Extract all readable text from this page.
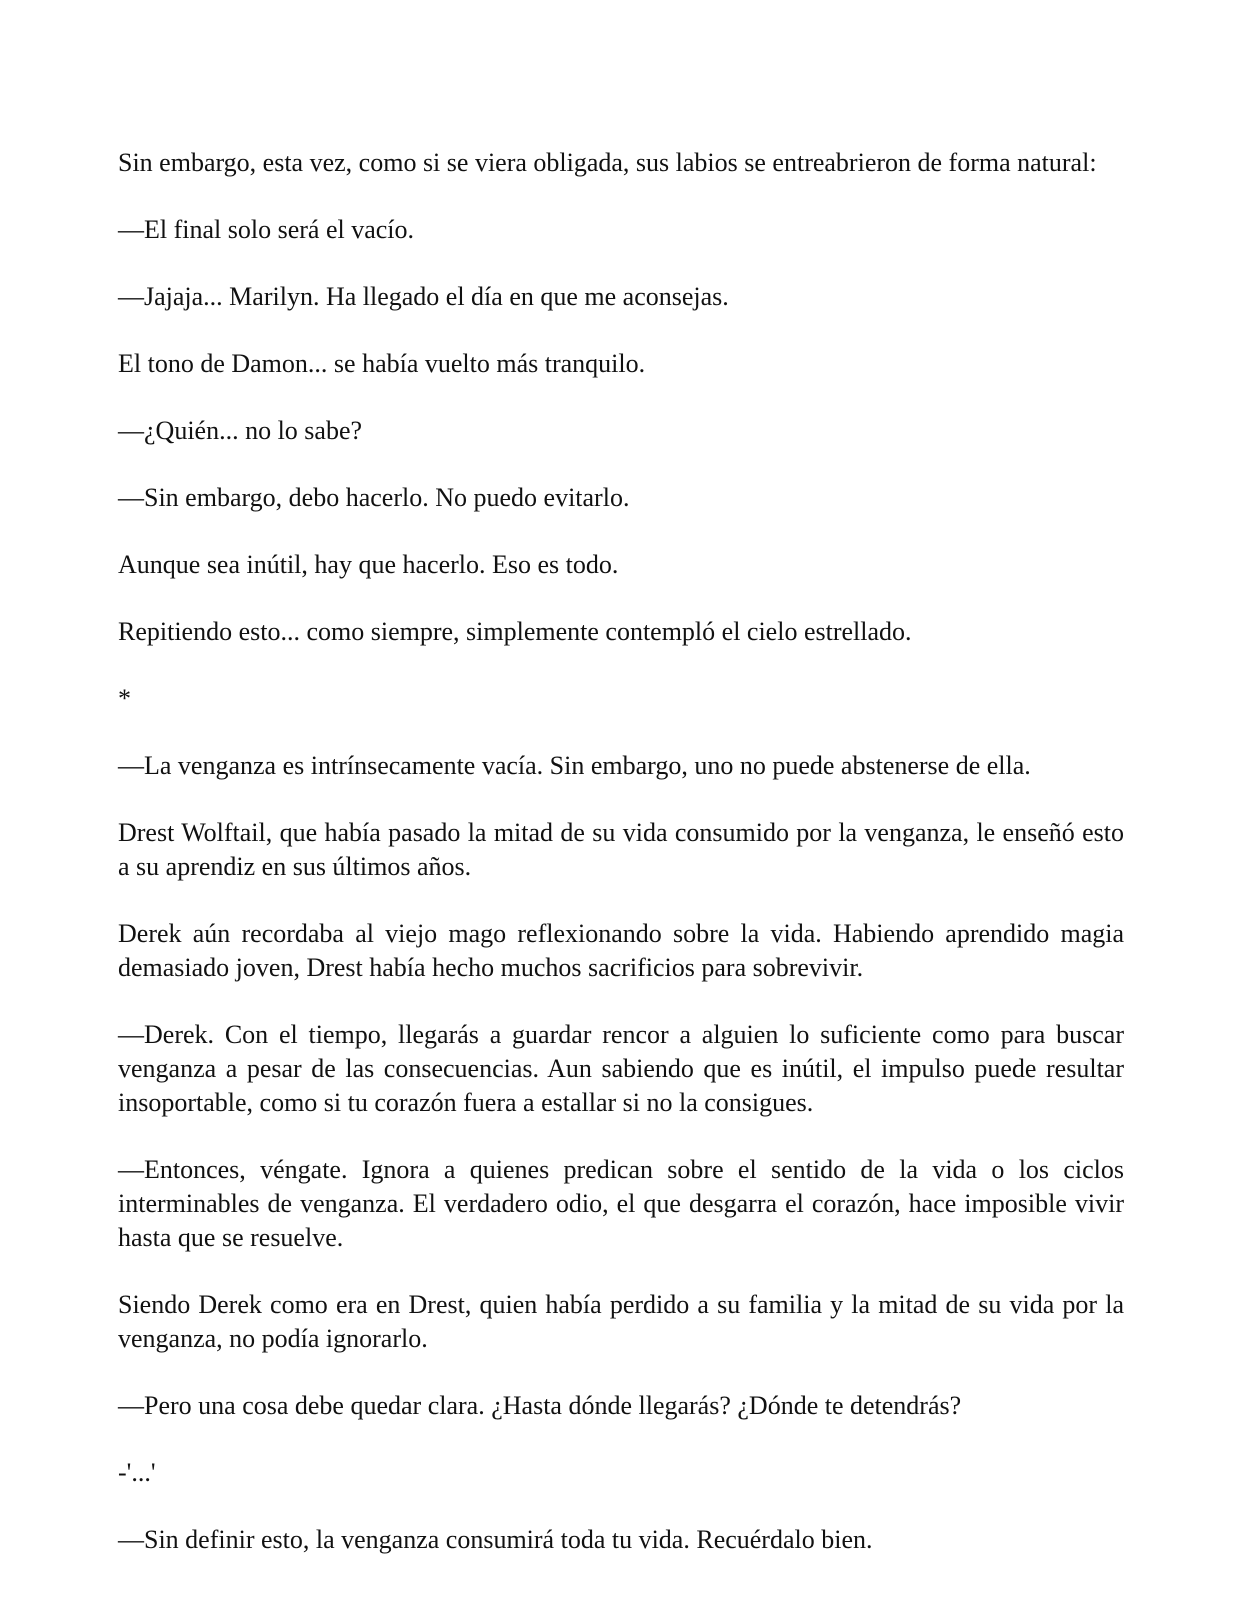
Sin embargo, esta vez, como si se viera obligada, sus labios se entreabrieron de forma natural:

—El final solo será el vacío.

—Jajaja... Marilyn. Ha llegado el día en que me aconsejas.

El tono de Damon... se había vuelto más tranquilo.

—¿Quién... no lo sabe?

—Sin embargo, debo hacerlo. No puedo evitarlo.

Aunque sea inútil, hay que hacerlo. Eso es todo.

Repitiendo esto... como siempre, simplemente contempló el cielo estrellado.

*

—La venganza es intrínsecamente vacía. Sin embargo, uno no puede abstenerse de ella.

Drest Wolftail, que había pasado la mitad de su vida consumido por la venganza, le enseñó esto a su aprendiz en sus últimos años.

Derek aún recordaba al viejo mago reflexionando sobre la vida. Habiendo aprendido magia demasiado joven, Drest había hecho muchos sacrificios para sobrevivir.

—Derek. Con el tiempo, llegarás a guardar rencor a alguien lo suficiente como para buscar venganza a pesar de las consecuencias. Aun sabiendo que es inútil, el impulso puede resultar insoportable, como si tu corazón fuera a estallar si no la consigues.

—Entonces, véngate. Ignora a quienes predican sobre el sentido de la vida o los ciclos interminables de venganza. El verdadero odio, el que desgarra el corazón, hace imposible vivir hasta que se resuelve.

Siendo Derek como era en Drest, quien había perdido a su familia y la mitad de su vida por la venganza, no podía ignorarlo.

—Pero una cosa debe quedar clara. ¿Hasta dónde llegarás? ¿Dónde te detendrás?

-'...'

—Sin definir esto, la venganza consumirá toda tu vida. Recuérdalo bien.
